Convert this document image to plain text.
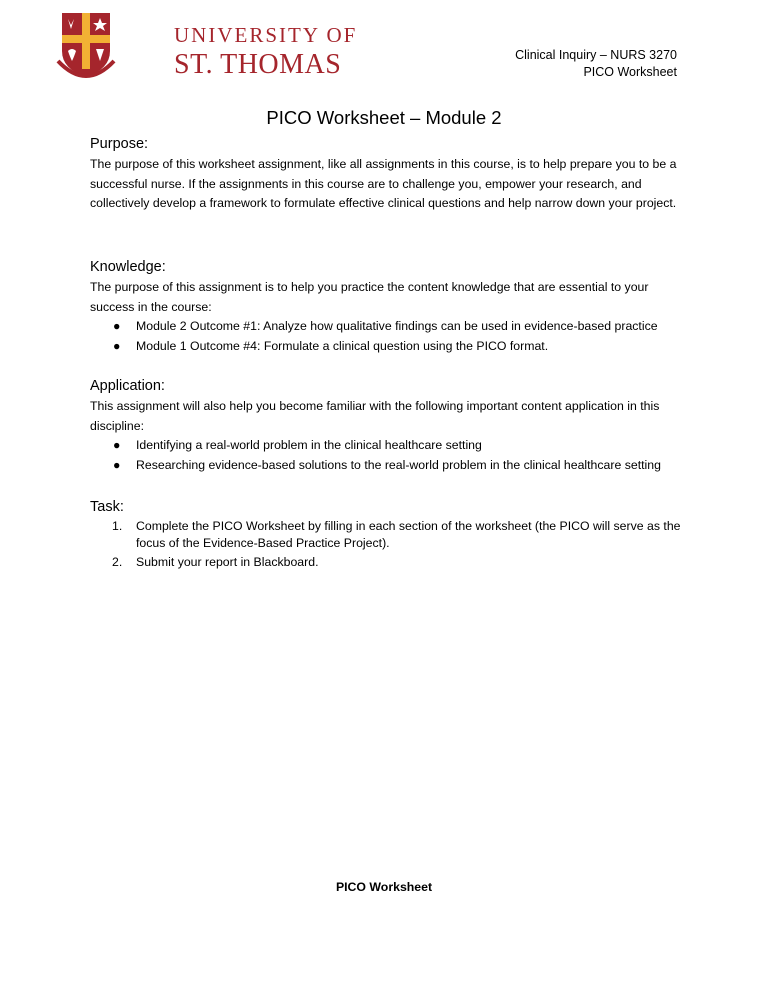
UNIVERSITY OF
ST. THOMAS	Clinical Inquiry – NURS 3270
PICO Worksheet
PICO Worksheet – Module 2
Purpose:

The purpose of this worksheet assignment, like all assignments in this course, is to help prepare you to be a successful nurse. If the assignments in this course are to challenge you, empower your research, and collectively develop a framework to formulate effective clinical questions and help narrow down your project.

Knowledge:

The purpose of this assignment is to help you practice the content knowledge that are essential to your success in the course:

● Module 2 Outcome #1: Analyze how qualitative findings can be used in evidence-based practice
● Module 1 Outcome #4: Formulate a clinical question using the PICO format.
Application:

This assignment will also help you become familiar with the following important content application in this discipline:

● Identifying a real-world problem in the clinical healthcare setting
● Researching evidence-based solutions to the real-world problem in the clinical healthcare setting
Task:
1. Complete the PICO Worksheet by filling in each section of the worksheet (the PICO will serve as the focus of the Evidence-Based Practice Project).
2. Submit your report in Blackboard.
PICO Worksheet
